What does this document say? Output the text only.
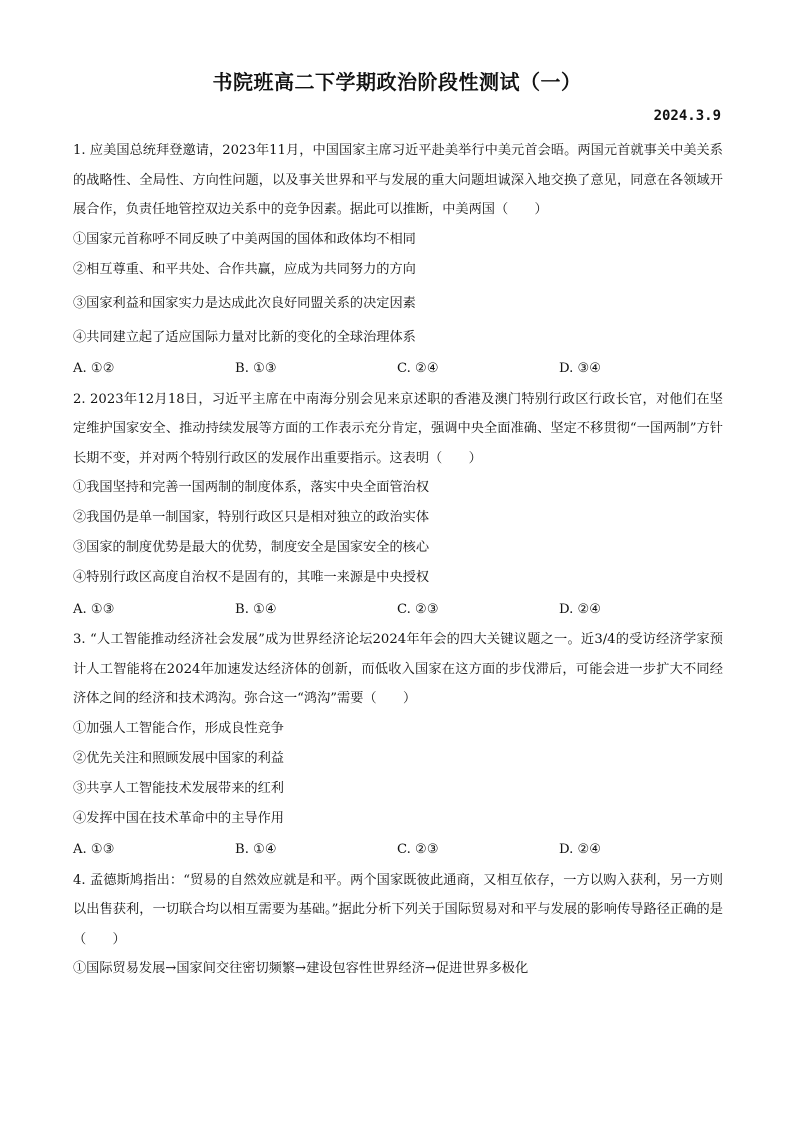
书院班高二下学期政治阶段性测试（一）
2024.3.9

1. 应美国总统拜登邀请，2023年11月，中国国家主席习近平赴美举行中美元首会晤。两国元首就事关中美关系的战略性、全局性、方向性问题，以及事关世界和平与发展的重大问题坦诚深入地交换了意见，同意在各领域开展合作，负责任地管控双边关系中的竞争因素。据此可以推断，中美两国（　　）

①国家元首称呼不同反映了中美两国的国体和政体均不相同

②相互尊重、和平共处、合作共赢，应成为共同努力的方向

③国家利益和国家实力是达成此次良好同盟关系的决定因素

④共同建立起了适应国际力量对比新的变化的全球治理体系

A. ①②	B. ①③	C. ②④	D. ③④

2. 2023年12月18日，习近平主席在中南海分别会见来京述职的香港及澳门特别行政区行政长官，对他们在坚定维护国家安全、推动持续发展等方面的工作表示充分肯定，强调中央全面准确、坚定不移贯彻“一国两制”方针长期不变，并对两个特别行政区的发展作出重要指示。这表明（　　）

①我国坚持和完善一国两制的制度体系，落实中央全面管治权

②我国仍是单一制国家，特别行政区只是相对独立的政治实体

③国家的制度优势是最大的优势，制度安全是国家安全的核心

④特别行政区高度自治权不是固有的，其唯一来源是中央授权

A. ①③	B. ①④	C. ②③	D. ②④

3. “人工智能推动经济社会发展”成为世界经济论坛2024年年会的四大关键议题之一。近3/4的受访经济学家预计人工智能将在2024年加速发达经济体的创新，而低收入国家在这方面的步伐滞后，可能会进一步扩大不同经济体之间的经济和技术鸿沟。弥合这一“鸿沟”需要（　　）

①加强人工智能合作，形成良性竞争

②优先关注和照顾发展中国家的利益

③共享人工智能技术发展带来的红利

④发挥中国在技术革命中的主导作用

A. ①③	B. ①④	C. ②③	D. ②④

4. 孟德斯鸠指出：“贸易的自然效应就是和平。两个国家既彼此通商，又相互依存，一方以购入获利，另一方则以出售获利，一切联合均以相互需要为基础。”据此分析下列关于国际贸易对和平与发展的影响传导路径正确的是（　　）

①国际贸易发展→国家间交往密切频繁→建设包容性世界经济→促进世界多极化
